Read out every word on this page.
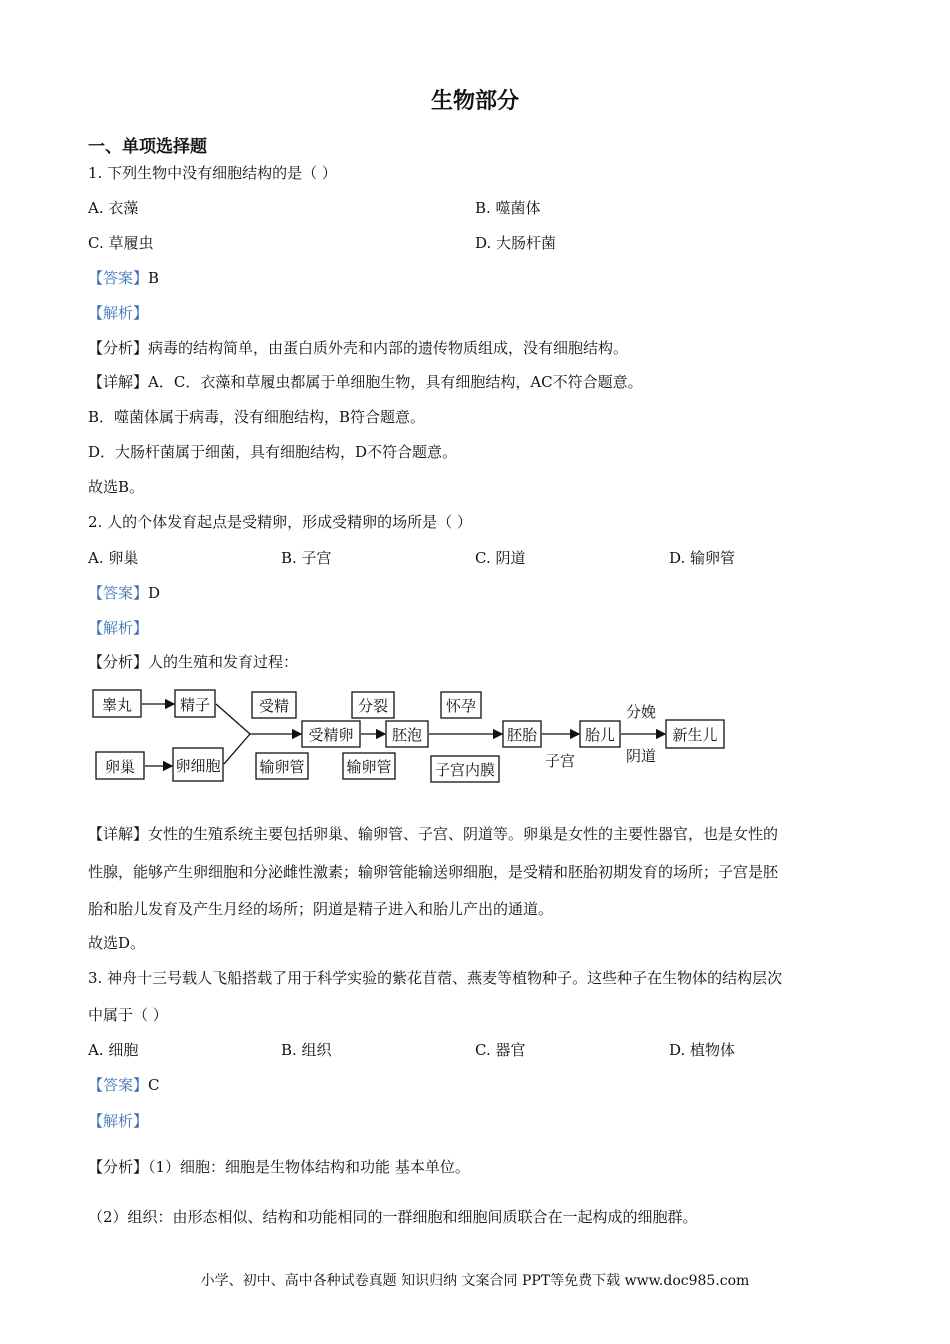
生物部分
一、单项选择题
1. 下列生物中没有细胞结构的是（ ）
A. 衣藻	B. 噬菌体
C. 草履虫	D. 大肠杆菌
【答案】B
【解析】
【分析】病毒的结构简单，由蛋白质外壳和内部的遗传物质组成，没有细胞结构。
【详解】A．C．衣藻和草履虫都属于单细胞生物，具有细胞结构，AC不符合题意。
B．噬菌体属于病毒，没有细胞结构，B符合题意。
D．大肠杆菌属于细菌，具有细胞结构，D不符合题意。
故选B。
2. 人的个体发育起点是受精卵，形成受精卵的场所是（ ）
A. 卵巢	B. 子宫	C. 阴道	D. 输卵管
【答案】D
【解析】
【分析】人的生殖和发育过程：
睾丸	精子
卵巢	卵细胞
受精
输卵管
受精卵
分裂
输卵管
胚泡
怀孕
子宫内膜
胚胎
子宫
胎儿
分娩
阴道
新生儿
【详解】女性的生殖系统主要包括卵巢、输卵管、子宫、阴道等。卵巢是女性的主要性器官，也是女性的
性腺，能够产生卵细胞和分泌雌性激素；输卵管能输送卵细胞，是受精和胚胎初期发育的场所；子宫是胚
胎和胎儿发育及产生月经的场所；阴道是精子进入和胎儿产出的通道。
故选D。
3. 神舟十三号载人飞船搭载了用于科学实验的紫花苜蓿、燕麦等植物种子。这些种子在生物体的结构层次
中属于（ ）
A. 细胞	B. 组织	C. 器官	D. 植物体
【答案】C
【解析】
【分析】（1）细胞：细胞是生物体结构和功能 基本单位。
（2）组织：由形态相似、结构和功能相同的一群细胞和细胞间质联合在一起构成的细胞群。
小学、初中、高中各种试卷真题 知识归纳 文案合同 PPT等免费下载 www.doc985.com
